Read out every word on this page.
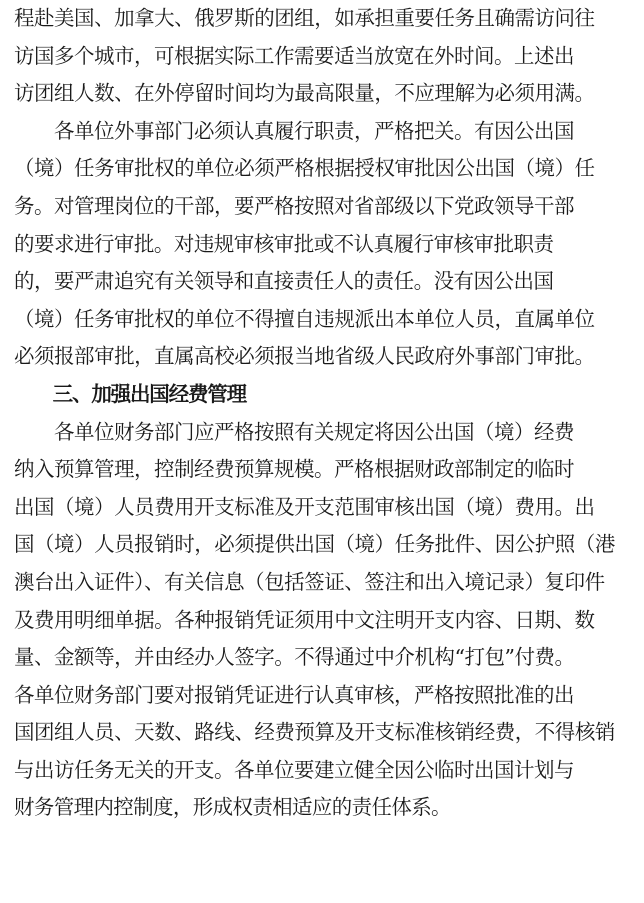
程赴美国、加拿大、俄罗斯的团组，如承担重要任务且确需访问往
访国多个城市，可根据实际工作需要适当放宽在外时间。上述出
访团组人数、在外停留时间均为最高限量，不应理解为必须用满。
　　各单位外事部门必须认真履行职责，严格把关。有因公出国
（境）任务审批权的单位必须严格根据授权审批因公出国（境）任
务。对管理岗位的干部，要严格按照对省部级以下党政领导干部
的要求进行审批。对违规审核审批或不认真履行审核审批职责
的，要严肃追究有关领导和直接责任人的责任。没有因公出国
（境）任务审批权的单位不得擅自违规派出本单位人员，直属单位
必须报部审批，直属高校必须报当地省级人民政府外事部门审批。
　　三、加强出国经费管理
　　各单位财务部门应严格按照有关规定将因公出国（境）经费
纳入预算管理，控制经费预算规模。严格根据财政部制定的临时
出国（境）人员费用开支标准及开支范围审核出国（境）费用。出
国（境）人员报销时，必须提供出国（境）任务批件、因公护照（港
澳台出入证件）、有关信息（包括签证、签注和出入境记录）复印件
及费用明细单据。各种报销凭证须用中文注明开支内容、日期、数
量、金额等，并由经办人签字。不得通过中介机构“打包”付费。
各单位财务部门要对报销凭证进行认真审核，严格按照批准的出
国团组人员、天数、路线、经费预算及开支标准核销经费，不得核销
与出访任务无关的开支。各单位要建立健全因公临时出国计划与
财务管理内控制度，形成权责相适应的责任体系。
